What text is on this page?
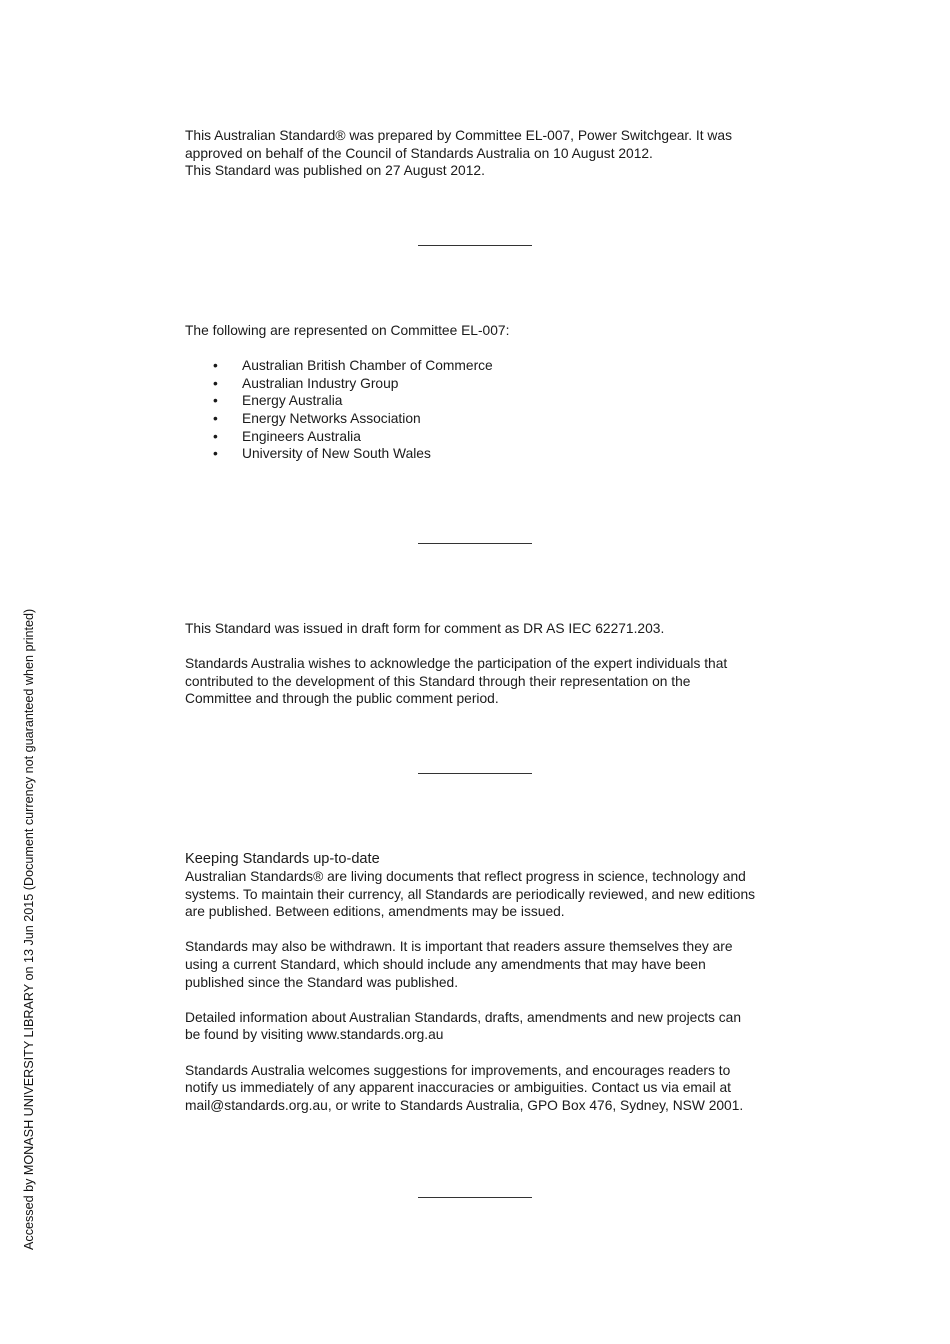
This Australian Standard® was prepared by Committee EL-007, Power Switchgear. It was

approved on behalf of the Council of Standards Australia on 10 August 2012.

This Standard was published on 27 August 2012.

The following are represented on Committee EL-007:

• Australian British Chamber of Commerce
• Australian Industry Group
• Energy Australia
• Energy Networks Association
• Engineers Australia
• University of New South Wales

This Standard was issued in draft form for comment as DR AS IEC 62271.203.

Standards Australia wishes to acknowledge the participation of the expert individuals that

contributed to the development of this Standard through their representation on the

Committee and through the public comment period.

Keeping Standards up-to-date

Australian Standards® are living documents that reflect progress in science, technology and

systems. To maintain their currency, all Standards are periodically reviewed, and new editions

are published. Between editions, amendments may be issued.

Standards may also be withdrawn. It is important that readers assure themselves they are

using a current Standard, which should include any amendments that may have been

published since the Standard was published.

Detailed information about Australian Standards, drafts, amendments and new projects can

be found by visiting www.standards.org.au

Standards Australia welcomes suggestions for improvements, and encourages readers to

notify us immediately of any apparent inaccuracies or ambiguities. Contact us via email at

mail@standards.org.au, or write to Standards Australia, GPO Box 476, Sydney, NSW 2001.

Accessed by MONASH UNIVERSITY LIBRARY on 13 Jun 2015 (Document currency not guaranteed when printed)
